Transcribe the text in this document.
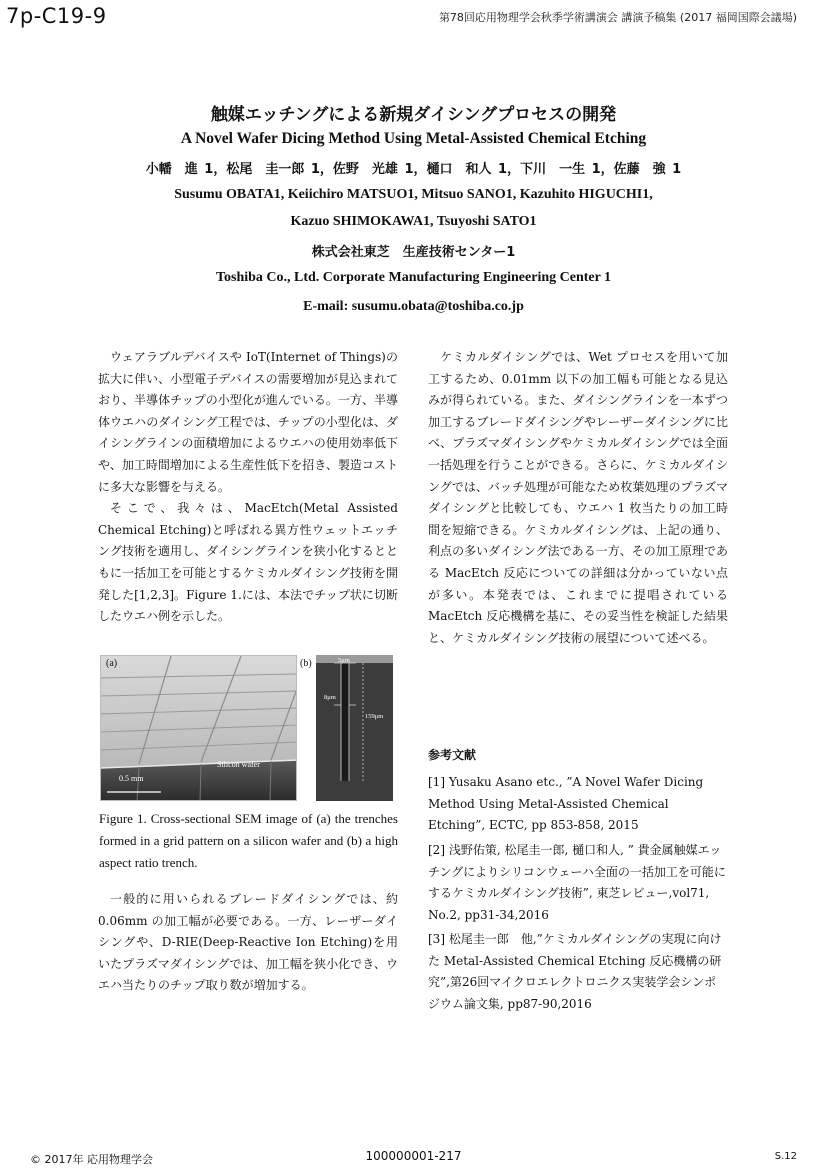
7p-C19-9	第78回応用物理学会秋季学術講演会 講演予稿集 (2017 福岡国際会議場)
触媒エッチングによる新規ダイシングプロセスの開発
A Novel Wafer Dicing Method Using Metal-Assisted Chemical Etching
小幡　進 1，松尾　圭一郎 1，佐野　光雄 1，樋口　和人 1，下川　一生 1，佐藤　強 1
Susumu OBATA1, Keiichiro MATSUO1, Mitsuo SANO1, Kazuhito HIGUCHI1,
Kazuo SHIMOKAWA1, Tsuyoshi SATO1
株式会社東芝　生産技術センター1
Toshiba Co., Ltd. Corporate Manufacturing Engineering Center 1
E-mail: susumu.obata@toshiba.co.jp

ウェアラブルデバイスや IoT(Internet of Things)の拡大に伴い、小型電子デバイスの需要増加が見込まれており、半導体チップの小型化が進んでいる。一方、半導体ウエハのダイシング工程では、チップの小型化は、ダイシングラインの面積増加によるウエハの使用効率低下や、加工時間増加による生産性低下を招き、製造コストに多大な影響を与える。

そこで、我々は、MacEtch(Metal Assisted Chemical Etching)と呼ばれる異方性ウェットエッチング技術を適用し、ダイシングラインを狭小化するとともに一括加工を可能とするケミカルダイシング技術を開発した[1,2,3]。Figure 1.には、本法でチップ状に切断したウエハ例を示した。

(a)
Silicon wafer
0.5 mm
(b)	5μm
8μm
159μm
Figure 1. Cross-sectional SEM image of (a) the trenches formed in a grid pattern on a silicon wafer and (b) a high aspect ratio trench.

一般的に用いられるブレードダイシングでは、約 0.06mm の加工幅が必要である。一方、レーザーダイシングや、D-RIE(Deep-Reactive Ion Etching)を用いたプラズマダイシングでは、加工幅を狭小化でき、ウエハ当たりのチップ取り数が増加する。

ケミカルダイシングでは、Wet プロセスを用いて加工するため、0.01mm 以下の加工幅も可能となる見込みが得られている。また、ダイシングラインを一本ずつ加工するブレードダイシングやレーザーダイシングに比べ、プラズマダイシングやケミカルダイシングでは全面一括処理を行うことができる。さらに、ケミカルダイシングでは、バッチ処理が可能なため枚葉処理のプラズマダイシングと比較しても、ウエハ 1 枚当たりの加工時間を短縮できる。ケミカルダイシングは、上記の通り、利点の多いダイシング法である一方、その加工原理である MacEtch 反応についての詳細は分かっていない点が多い。本発表では、これまでに提唱されている MacEtch 反応機構を基に、その妥当性を検証した結果と、ケミカルダイシング技術の展望について述べる。

参考文献
[1] Yusaku Asano etc., ”A Novel Wafer Dicing Method Using Metal-Assisted Chemical Etching”, ECTC, pp 853-858, 2015
[2] 浅野佑策, 松尾圭一郎, 樋口和人, ” 貴金属触媒エッチングによりシリコンウェーハ全面の一括加工を可能にするケミカルダイシング技術”, 東芝レビュー,vol71, No.2, pp31-34,2016
[3] 松尾圭一郎　他,”ケミカルダイシングの実現に向けた Metal-Assisted Chemical Etching 反応機構の研究”,第26回マイクロエレクトロニクス実装学会シンポジウム論文集, pp87-90,2016
© 2017年 応用物理学会	100000001-217	S.12
